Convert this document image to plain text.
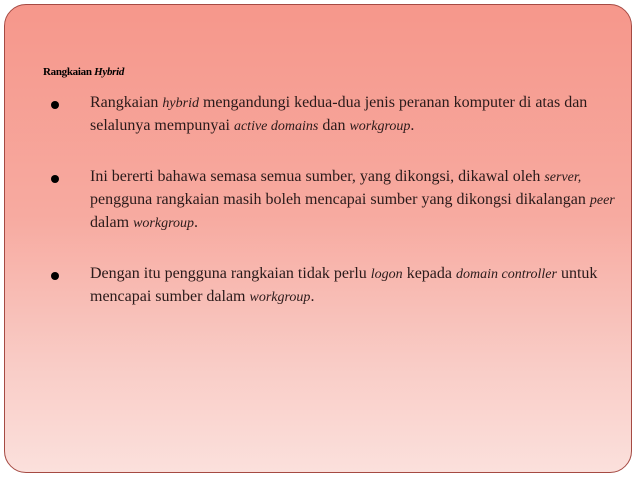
Rangkaian Hybrid
Rangkaian hybrid mengandungi kedua-dua jenis peranan komputer di atas dan selalunya mempunyai active domains dan workgroup.
Ini bererti bahawa semasa semua sumber, yang dikongsi, dikawal oleh server, pengguna rangkaian masih boleh mencapai sumber yang dikongsi dikalangan peer dalam workgroup.
Dengan itu pengguna rangkaian tidak perlu logon kepada domain controller untuk mencapai sumber dalam workgroup.
